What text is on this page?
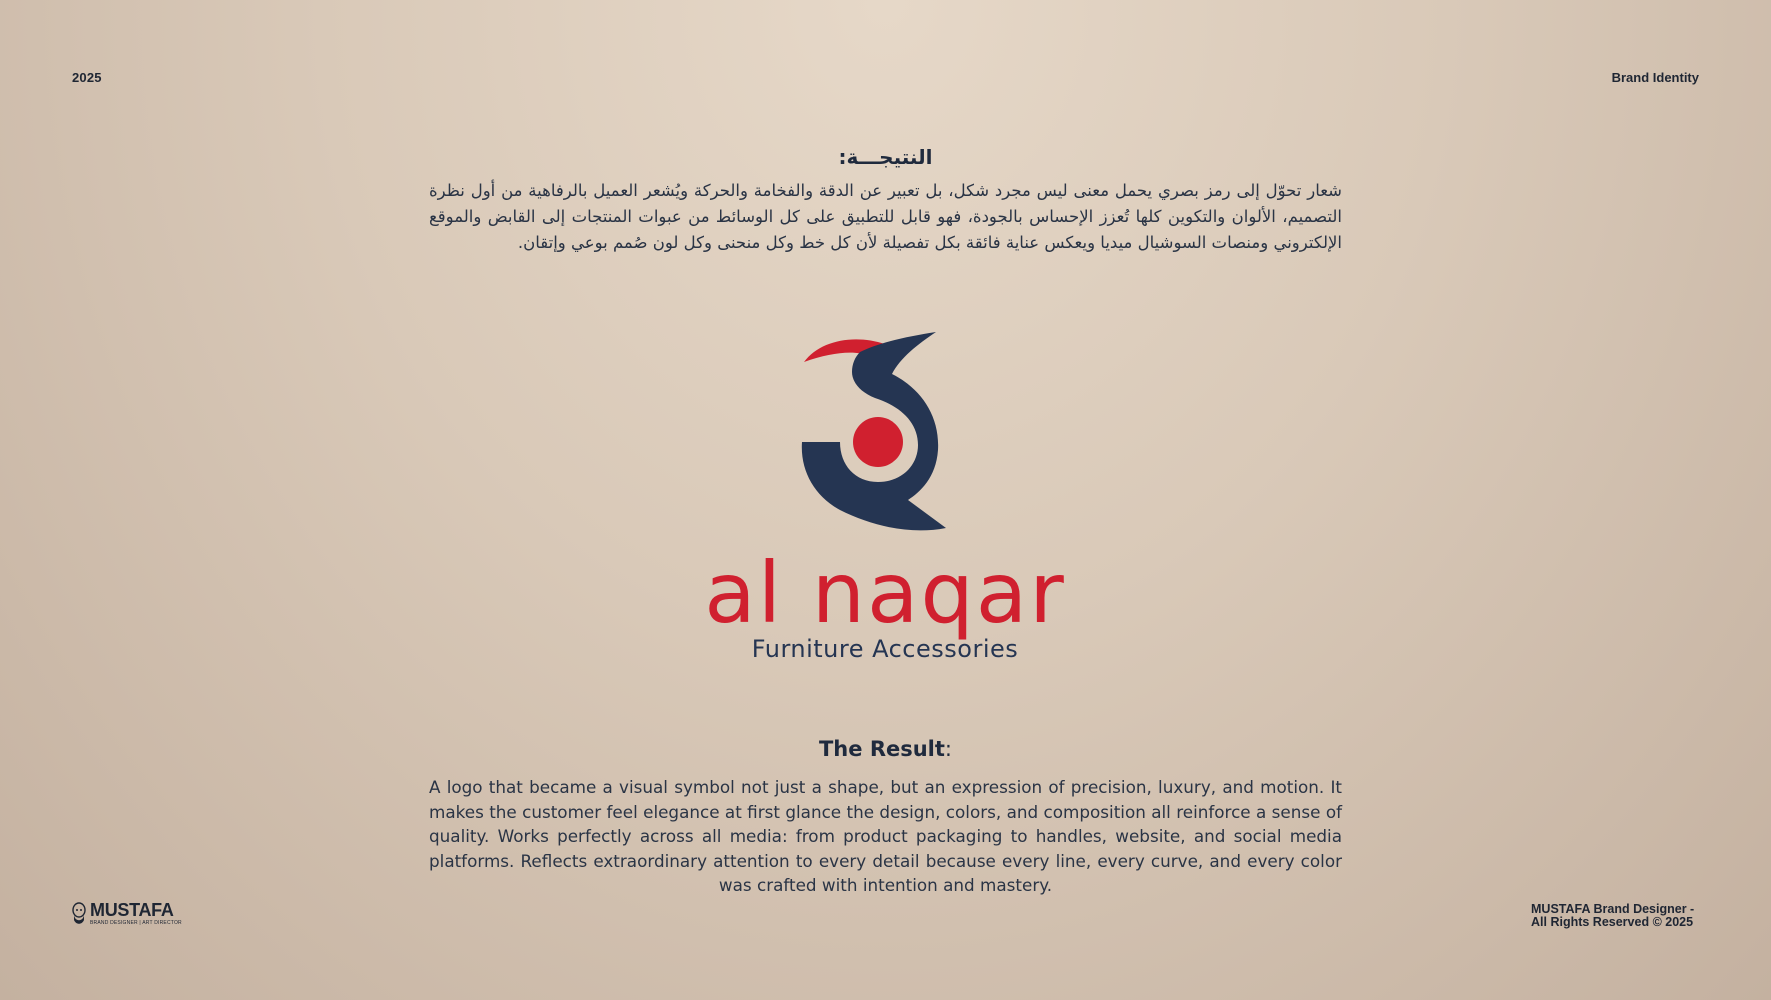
2025	Brand Identity
النتيجـــة:

شعار تحوّل إلى رمز بصري يحمل معنى ليس مجرد شكل، بل تعبير عن الدقة والفخامة والحركة ويُشعر العميل بالرفاهية من أول نظرة التصميم، الألوان والتكوين كلها تُعزز الإحساس بالجودة، فهو قابل للتطبيق على كل الوسائط من عبوات المنتجات إلى القابض والموقع الإلكتروني ومنصات السوشيال ميديا ويعكس عناية فائقة بكل تفصيلة لأن كل خط وكل منحنى وكل لون صُمم بوعي وإتقان.

al naqar
Furniture Accessories
The Result:

A logo that became a visual symbol not just a shape, but an expression of precision, luxury, and motion. It makes the customer feel elegance at first glance the design, colors, and composition all reinforce a sense of quality. Works perfectly across all media: from product packaging to handles, website, and social media platforms. Reflects extraordinary attention to every detail because every line, every curve, and every color was crafted with intention and mastery.

MUSTAFA
BRAND DESIGNER | ART DIRECTOR
MUSTAFA Brand Designer -
All Rights Reserved © 2025
